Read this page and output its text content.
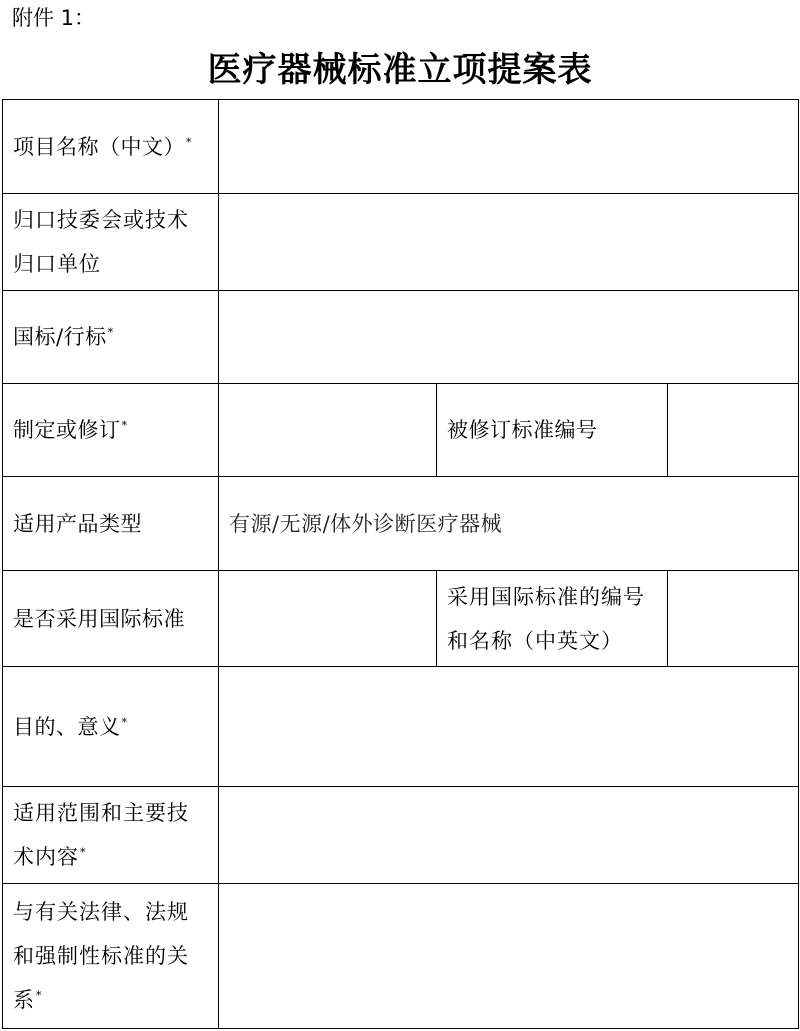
附件 1：
医疗器械标准立项提案表
项目名称（中文）*	
归口技委会或技术归口单位			
国标/行标*	
制定或修订*		被修订标准编号	
适用产品类型	有源/无源/体外诊断医疗器械		
是否采用国际标准		采用国际标准的编号和名称（中英文）	
目的、意义*	
适用范围和主要技术内容*	
与有关法律、法规和强制性标准的关系*	
